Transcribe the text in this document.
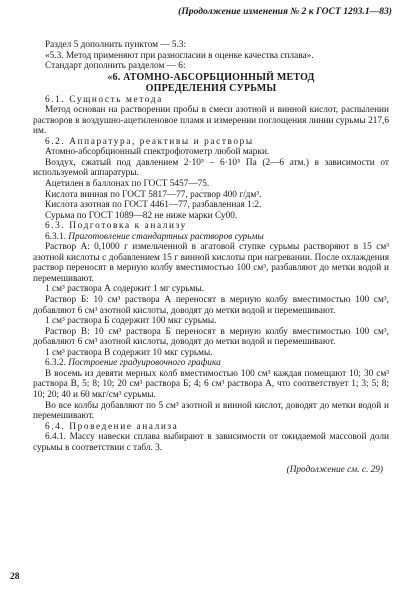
(Продолжение изменения № 2 к ГОСТ 1293.1—83)

Раздел 5 дополнить пунктом — 5.3:

«5.3. Метод применяют при разногласии в оценке качества сплава».

Стандарт дополнить разделом — 6:

«6. АТОМНО-АБСОРБЦИОННЫЙ МЕТОД

ОПРЕДЕЛЕНИЯ СУРЬМЫ

6.1. Сущность метода

Метод основан на растворении пробы в смеси азотной и винной кислот, распылении растворов в воздушно-ацетиленовое пламя и измерении поглощения линии сурьмы 217,6 нм.

6.2. Аппаратура, реактивы и растворы

Атомно-абсорбционный спектрофотометр любой марки.

Воздух, сжатый под давлением 2·10⁵ – 6·10⁵ Па (2—6 атм.) в зависимости от используемой аппаратуры.

Ацетилен в баллонах по ГОСТ 5457—75.

Кислота винная по ГОСТ 5817—77, раствор 400 г/дм³.

Кислота азотная по ГОСТ 4461—77, разбавленная 1:2.

Сурьма по ГОСТ 1089—82 не ниже марки Су00.

6.3. Подготовка к анализу

6.3.1. Приготовление стандартных растворов сурьмы

Раствор А: 0,1000 г измельченной в агатовой ступке сурьмы растворяют в 15 см³ азотной кислоты с добавлением 15 г винной кислоты при нагревании. После охлаждения раствор переносят в мерную колбу вместимостью 100 см³, разбавляют до метки водой и перемешивают.

1 см³ раствора А содержит 1 мг сурьмы.

Раствор Б: 10 см³ раствора А переносят в мерную колбу вместимостью 100 см³, добавляют 6 см³ азотной кислоты, доводят до метки водой и перемешивают.

1 см³ раствора Б содержит 100 мкг сурьмы.

Раствор В: 10 см³ раствора Б переносят в мерную колбу вместимостью 100 см³, добавляют 6 см³ азотной кислоты, доводят до метки водой и перемешивают.

1 см³ раствора В содержит 10 мкг сурьмы.

6.3.2. Построение градуировочного графика

В восемь из девяти мерных колб вместимостью 100 см³ каждая помещают 10; 30 см³ раствора В, 5; 8; 10; 20 см³ раствора Б; 4; 6 см³ раствора А, что соответствует 1; 3; 5; 8; 10; 20; 40 и 60 мкг/см³ сурьмы.

Во все колбы добавляют по 5 см³ азотной и винной кислот, доводят до метки водой и перемешивают.

6.4. Проведение анализа

6.4.1. Массу навески сплава выбирают в зависимости от ожидаемой массовой доли сурьмы в соответствии с табл. 3.

(Продолжение см. с. 29)

28
